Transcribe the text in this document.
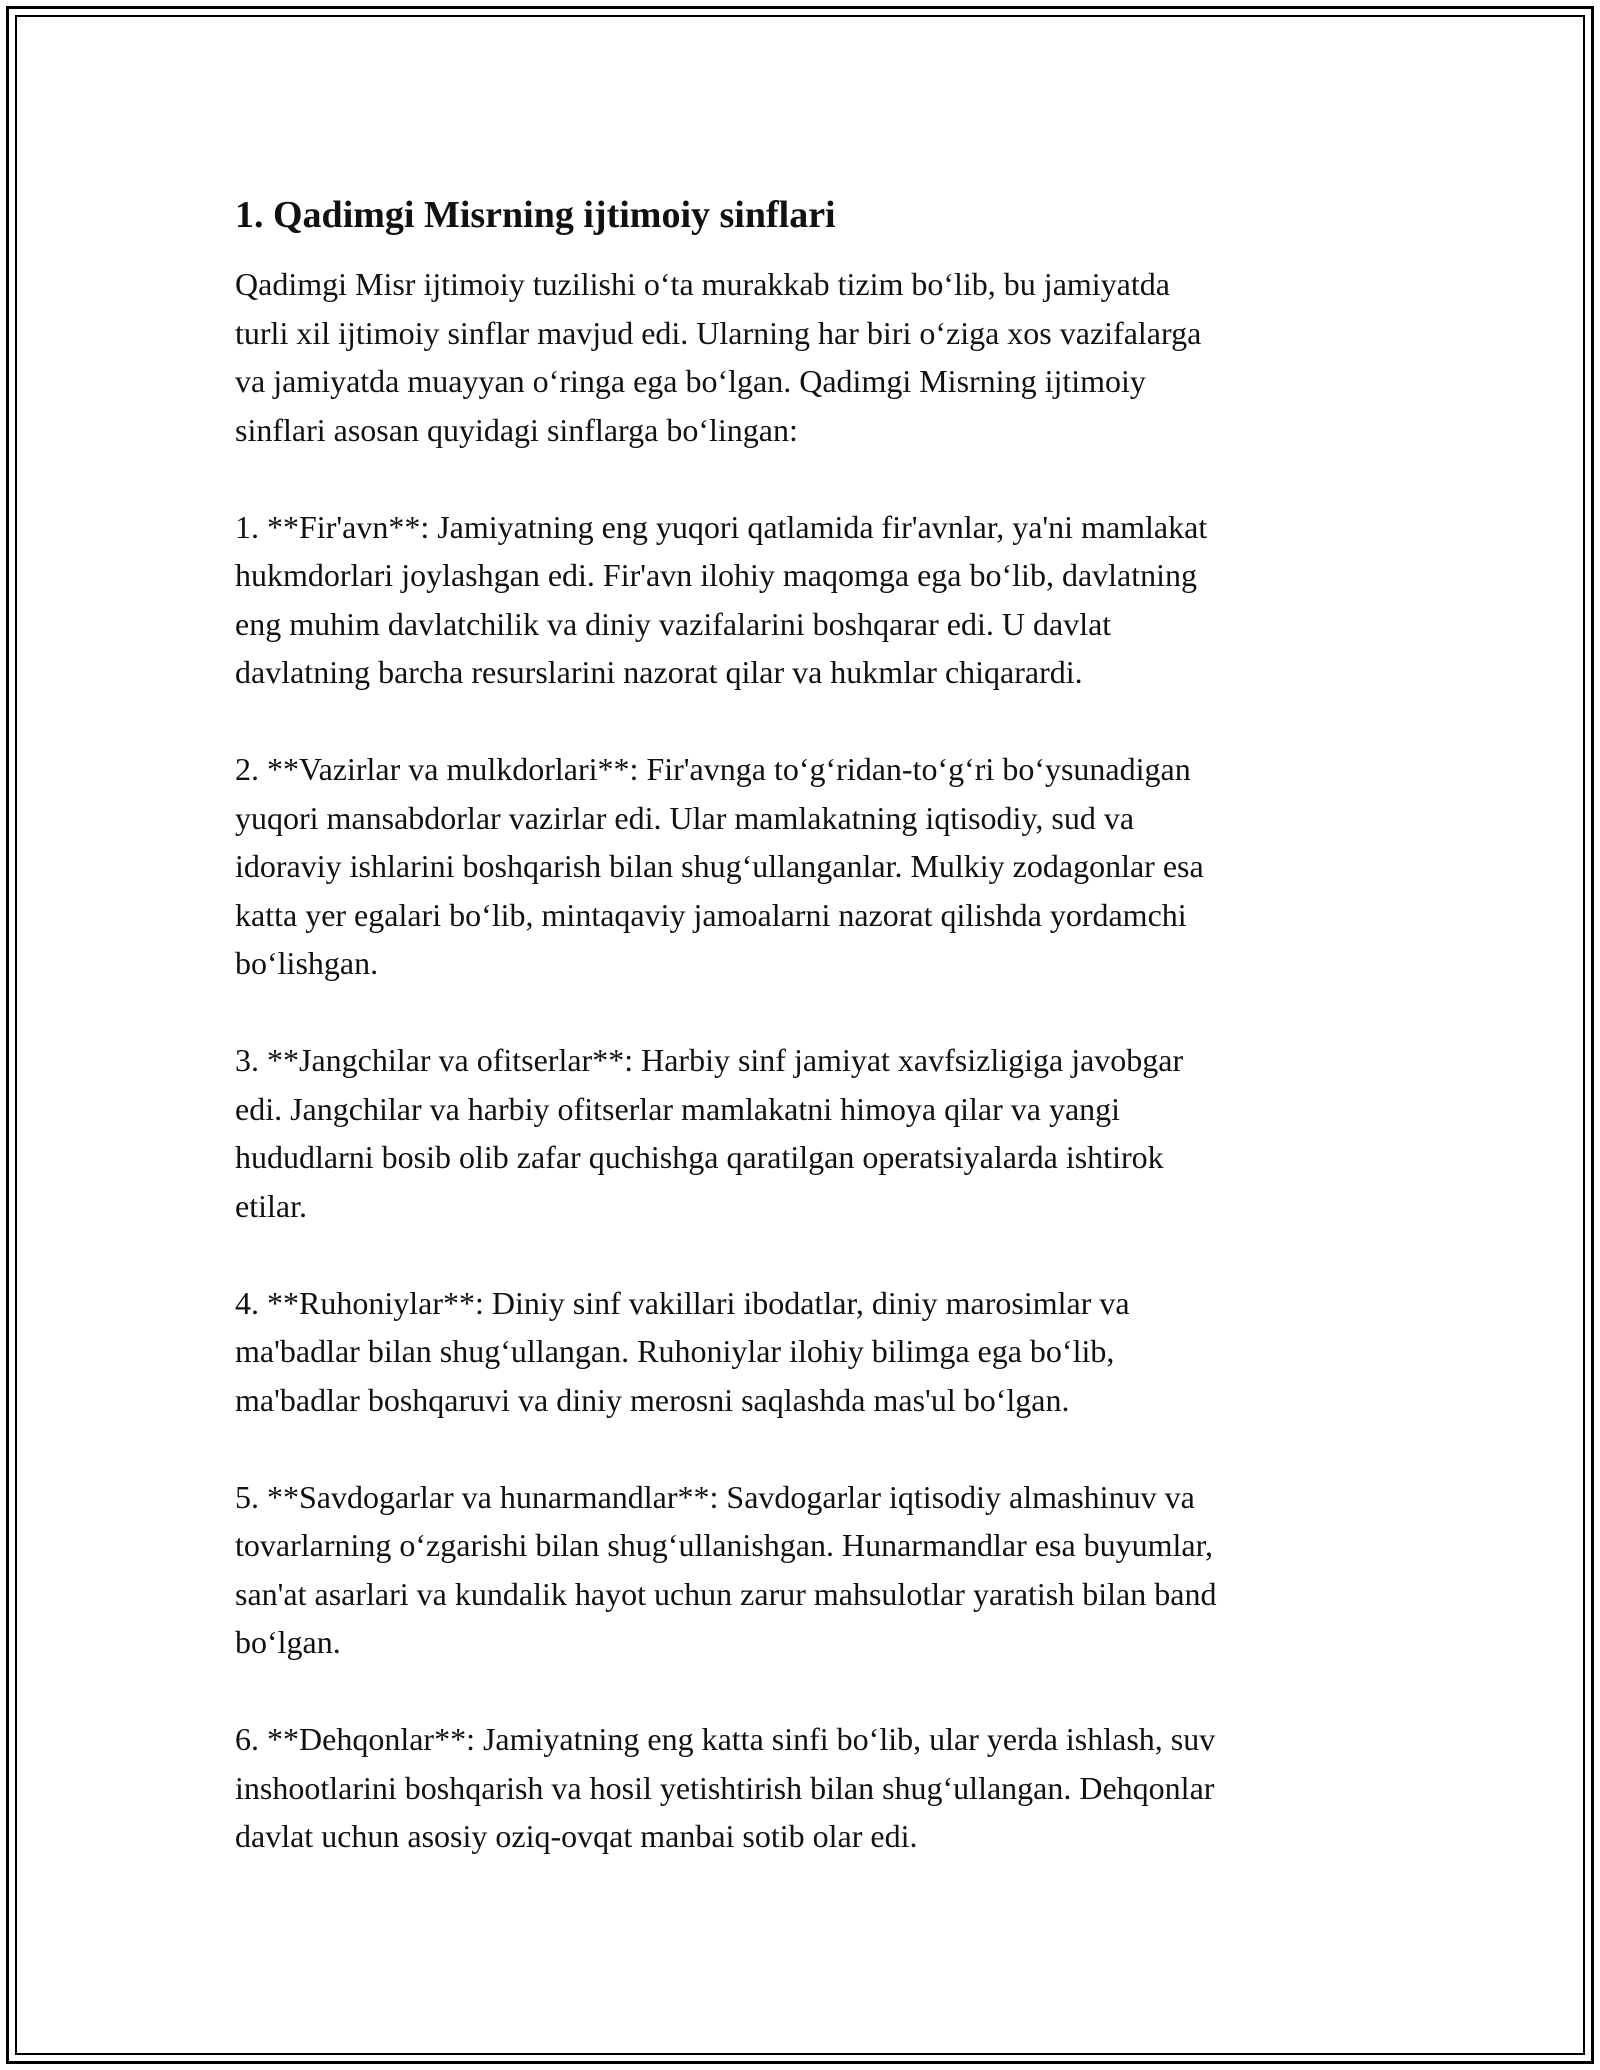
1. Qadimgi Misrning ijtimoiy sinflari

Qadimgi Misr ijtimoiy tuzilishi o‘ta murakkab tizim bo‘lib, bu jamiyatda
turli xil ijtimoiy sinflar mavjud edi. Ularning har biri o‘ziga xos vazifalarga
va jamiyatda muayyan o‘ringa ega bo‘lgan. Qadimgi Misrning ijtimoiy
sinflari asosan quyidagi sinflarga bo‘lingan:

1. **Fir'avn**: Jamiyatning eng yuqori qatlamida fir'avnlar, ya'ni mamlakat
hukmdorlari joylashgan edi. Fir'avn ilohiy maqomga ega bo‘lib, davlatning
eng muhim davlatchilik va diniy vazifalarini boshqarar edi. U davlat
davlatning barcha resurslarini nazorat qilar va hukmlar chiqarardi.

2. **Vazirlar va mulkdorlari**: Fir'avnga to‘g‘ridan-to‘g‘ri bo‘ysunadigan
yuqori mansabdorlar vazirlar edi. Ular mamlakatning iqtisodiy, sud va
idoraviy ishlarini boshqarish bilan shug‘ullanganlar. Mulkiy zodagonlar esa
katta yer egalari bo‘lib, mintaqaviy jamoalarni nazorat qilishda yordamchi
bo‘lishgan.

3. **Jangchilar va ofitserlar**: Harbiy sinf jamiyat xavfsizligiga javobgar
edi. Jangchilar va harbiy ofitserlar mamlakatni himoya qilar va yangi
hududlarni bosib olib zafar quchishga qaratilgan operatsiyalarda ishtirok
etilar.

4. **Ruhoniylar**: Diniy sinf vakillari ibodatlar, diniy marosimlar va
ma'badlar bilan shug‘ullangan. Ruhoniylar ilohiy bilimga ega bo‘lib,
ma'badlar boshqaruvi va diniy merosni saqlashda mas'ul bo‘lgan.

5. **Savdogarlar va hunarmandlar**: Savdogarlar iqtisodiy almashinuv va
tovarlarning o‘zgarishi bilan shug‘ullanishgan. Hunarmandlar esa buyumlar,
san'at asarlari va kundalik hayot uchun zarur mahsulotlar yaratish bilan band
bo‘lgan.

6. **Dehqonlar**: Jamiyatning eng katta sinfi bo‘lib, ular yerda ishlash, suv
inshootlarini boshqarish va hosil yetishtirish bilan shug‘ullangan. Dehqonlar
davlat uchun asosiy oziq-ovqat manbai sotib olar edi.
